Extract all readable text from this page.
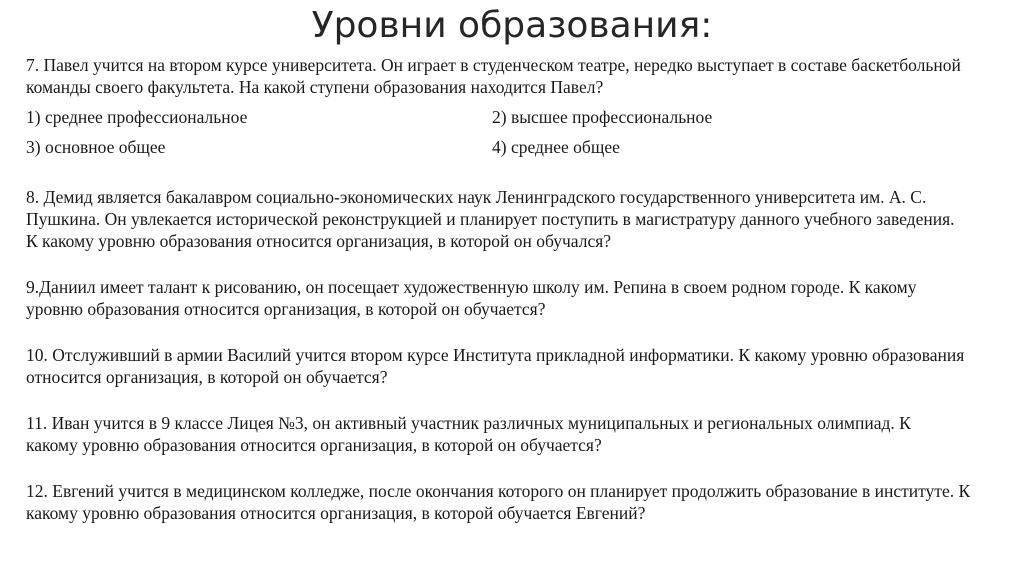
Уровни образования:

7. Павел учится на втором курсе университета. Он играет в студенческом театре, нередко выступает в составе баскетбольной команды своего факультета. На какой ступени образования находится Павел?

1) среднее профессиональное	2) высшее профессиональное

3) основное общее	4) среднее общее

8. Демид является бакалавром социально-экономических наук Ленинградского государственного университета им. А. С. Пушкина. Он увлекается исторической реконструкцией и планирует поступить в магистратуру данного учебного заведения. К какому уровню образования относится организация, в которой он обучался?

9.Даниил имеет талант к рисованию, он посещает художественную школу им. Репина в своем родном городе. К какому уровню образования относится организация, в которой он обучается?

10. Отслуживший в армии Василий учится втором курсе Института прикладной информатики. К какому уровню образования относится организация, в которой он обучается?

11. Иван учится в 9 классе Лицея №3, он активный участник различных муниципальных и региональных олимпиад. К какому уровню образования относится организация, в которой он обучается?

12. Евгений учится в медицинском колледже, после окончания которого он планирует продолжить образование в институте. К какому уровню образования относится организация, в которой обучается Евгений?
